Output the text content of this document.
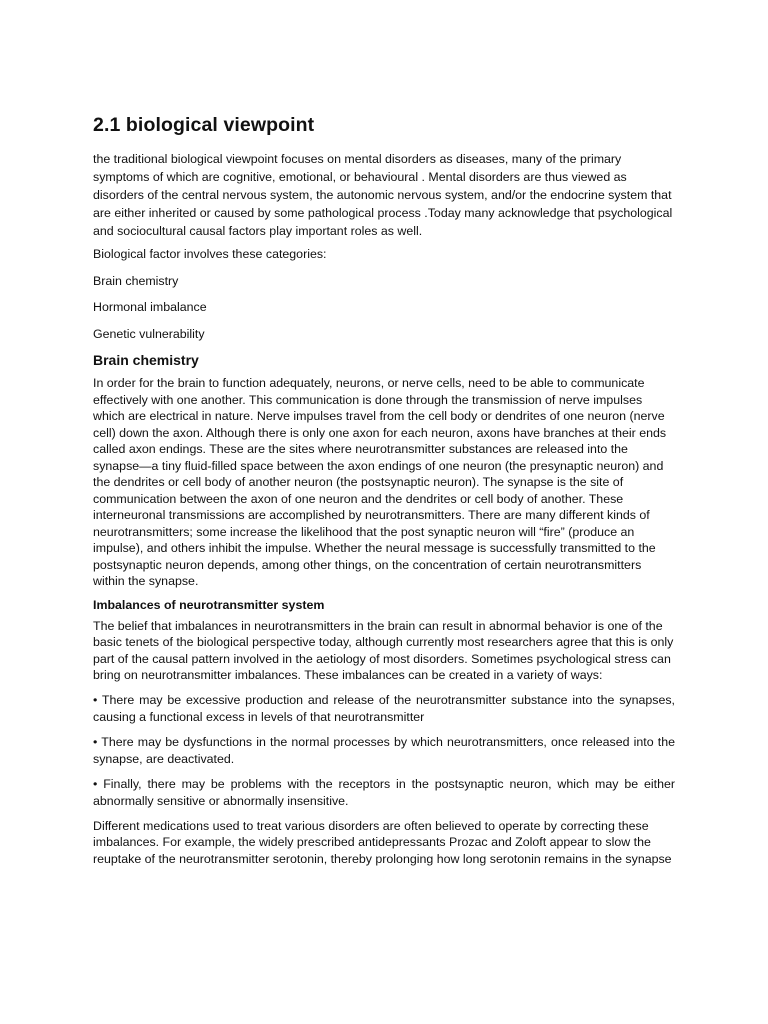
2.1 biological viewpoint

the traditional biological viewpoint focuses on mental disorders as diseases, many of the primary symptoms of which are cognitive, emotional, or behavioural . Mental disorders are thus viewed as disorders of the central nervous system, the autonomic nervous system, and/or the endocrine system that are either inherited or caused by some pathological process .Today many acknowledge that psychological and sociocultural causal factors play important roles as well.

Biological factor involves these categories:

Brain chemistry

Hormonal imbalance

Genetic vulnerability

Brain chemistry

In order for the brain to function adequately, neurons, or nerve cells, need to be able to communicate effectively with one another. This communication is done through the transmission of nerve impulses which are electrical in nature. Nerve impulses travel from the cell body or dendrites of one neuron (nerve cell) down the axon. Although there is only one axon for each neuron, axons have branches at their ends called axon endings. These are the sites where neurotransmitter substances are released into the synapse—a tiny fluid-filled space between the axon endings of one neuron (the presynaptic neuron) and the dendrites or cell body of another neuron (the postsynaptic neuron). The synapse is the site of communication between the axon of one neuron and the dendrites or cell body of another. These interneuronal transmissions are accomplished by neurotransmitters. There are many different kinds of neurotransmitters; some increase the likelihood that the post synaptic neuron will “fire” (produce an impulse), and others inhibit the impulse. Whether the neural message is successfully transmitted to the postsynaptic neuron depends, among other things, on the concentration of certain neurotransmitters within the synapse.

Imbalances of neurotransmitter system

The belief that imbalances in neurotransmitters in the brain can result in abnormal behavior is one of the basic tenets of the biological perspective today, although currently most researchers agree that this is only part of the causal pattern involved in the aetiology of most disorders. Sometimes psychological stress can bring on neurotransmitter imbalances. These imbalances can be created in a variety of ways:

• There may be excessive production and release of the neurotransmitter substance into the synapses, causing a functional excess in levels of that neurotransmitter

• There may be dysfunctions in the normal processes by which neurotransmitters, once released into the synapse, are deactivated.

• Finally, there may be problems with the receptors in the postsynaptic neuron, which may be either abnormally sensitive or abnormally insensitive.

Different medications used to treat various disorders are often believed to operate by correcting these imbalances. For example, the widely prescribed antidepressants Prozac and Zoloft appear to slow the reuptake of the neurotransmitter serotonin, thereby prolonging how long serotonin remains in the synapse
